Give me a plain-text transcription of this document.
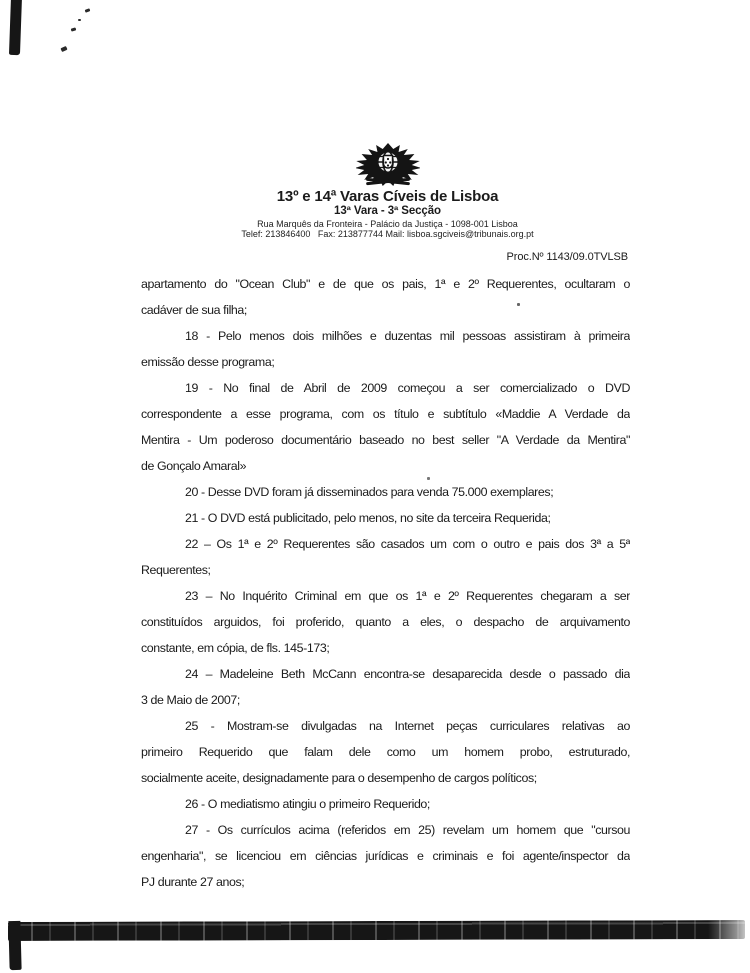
13º e 14ª Varas Cíveis de Lisboa
13ª Vara - 3ª Secção
Rua Marquês da Fronteira - Palácio da Justiça - 1098-001 Lisboa
Telef: 213846400   Fax: 213877744 Mail: lisboa.sgciveis@tribunais.org.pt
Proc.Nº 1143/09.0TVLSB
apartamento do "Ocean Club" e de que os pais, 1ª e 2º Requerentes, ocultaram o
cadáver de sua filha;
18 - Pelo menos dois milhões e duzentas mil pessoas assistiram à primeira
emissão desse programa;
19 - No final de Abril de 2009 começou a ser comercializado o DVD
correspondente a esse programa, com os título e subtítulo «Maddie A Verdade da
Mentira - Um poderoso documentário baseado no best seller "A Verdade da Mentira"
de Gonçalo Amaral»
20 - Desse DVD foram já disseminados para venda 75.000 exemplares;
21 - O DVD está publicitado, pelo menos, no site da terceira Requerida;
22 – Os 1ª e 2º Requerentes são casados um com o outro e pais dos 3ª a 5ª
Requerentes;
23 – No Inquérito Criminal em que os 1ª e 2º Requerentes chegaram a ser
constituídos arguidos, foi proferido, quanto a eles, o despacho de arquivamento
constante, em cópia, de fls. 145-173;
24 – Madeleine Beth McCann encontra-se desaparecida desde o passado dia
3 de Maio de 2007;
25 - Mostram-se divulgadas na Internet peças curriculares relativas ao
primeiro Requerido que falam dele como um homem probo, estruturado,
socialmente aceite, designadamente para o desempenho de cargos políticos;
26 - O mediatismo atingiu o primeiro Requerido;
27 - Os currículos acima (referidos em 25) revelam um homem que "cursou
engenharia", se licenciou em ciências jurídicas e criminais e foi agente/inspector da
PJ durante 27 anos;
